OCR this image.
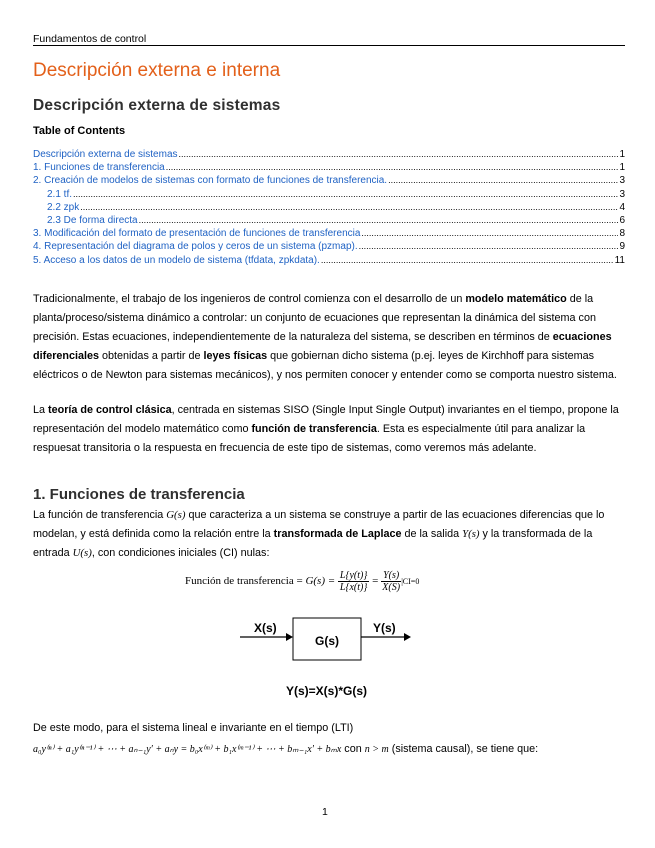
Fundamentos de control
Descripción externa e interna
Descripción externa de sistemas
Table of Contents
Descripción externa de sistemas .....	1
1. Funciones de transferencia .....	1
2. Creación de modelos de sistemas con formato de funciones de transferencia. .....	3
2.1 tf. .....	3
2.2 zpk .....	4
2.3 De forma directa .....	6
3. Modificación del formato de presentación de funciones de transferencia .....	8
4. Representación del diagrama de polos y ceros de un sistema (pzmap). .....	9
5. Acceso a los datos de un modelo de sistema (tfdata, zpkdata). .....	11
Tradicionalmente, el trabajo de los ingenieros de control comienza con el desarrollo de un modelo matemático de la planta/proceso/sistema dinámico a controlar: un conjunto de ecuaciones que representan la dinámica del sistema con precisión. Estas ecuaciones, independientemente de la naturaleza del sistema, se describen en términos de ecuaciones diferenciales obtenidas a partir de leyes físicas que gobiernan dicho sistema (p.ej. leyes de Kirchhoff para sistemas eléctricos o de Newton para sistemas mecánicos), y nos permiten conocer y entender como se comporta nuestro sistema.
La teoría de control clásica, centrada en sistemas SISO (Single Input Single Output) invariantes en el tiempo, propone la representación del modelo matemático como función de transferencia. Esta es especialmente útil para analizar la respuesat transitoria o la respuesta en frecuencia de este tipo de sistemas, como veremos más adelante.
1. Funciones de transferencia
La función de transferencia G(s) que caracteriza a un sistema se construye a partir de las ecuaciones diferencias que lo modelan, y está definida como la relación entre la transformada de Laplace de la salida Y(s) y la transformada de la entrada U(s), con condiciones iniciales (CI) nulas:
Función de transferencia = $G(s) = \frac{L\{y(t)\}}{L\{x(t)\}} = \frac{Y(s)}{X(S)} |CI=0$
X(s)
G(s)
Y(s)
Y(s)=X(s)*G(s)
De este modo, para el sistema lineal e invariante en el tiempo (LTI)
a₀y⁽ⁿ⁾ + a₁y⁽ⁿ⁻¹⁾ + ⋯ + aₙ₋₁y′ + aₙy = b₀x⁽ᵐ⁾ + b₁x⁽ᵐ⁻¹⁾ + ⋯ + bₘ₋₁x′ + bₘx con n > m (sistema causal), se tiene que:
1
